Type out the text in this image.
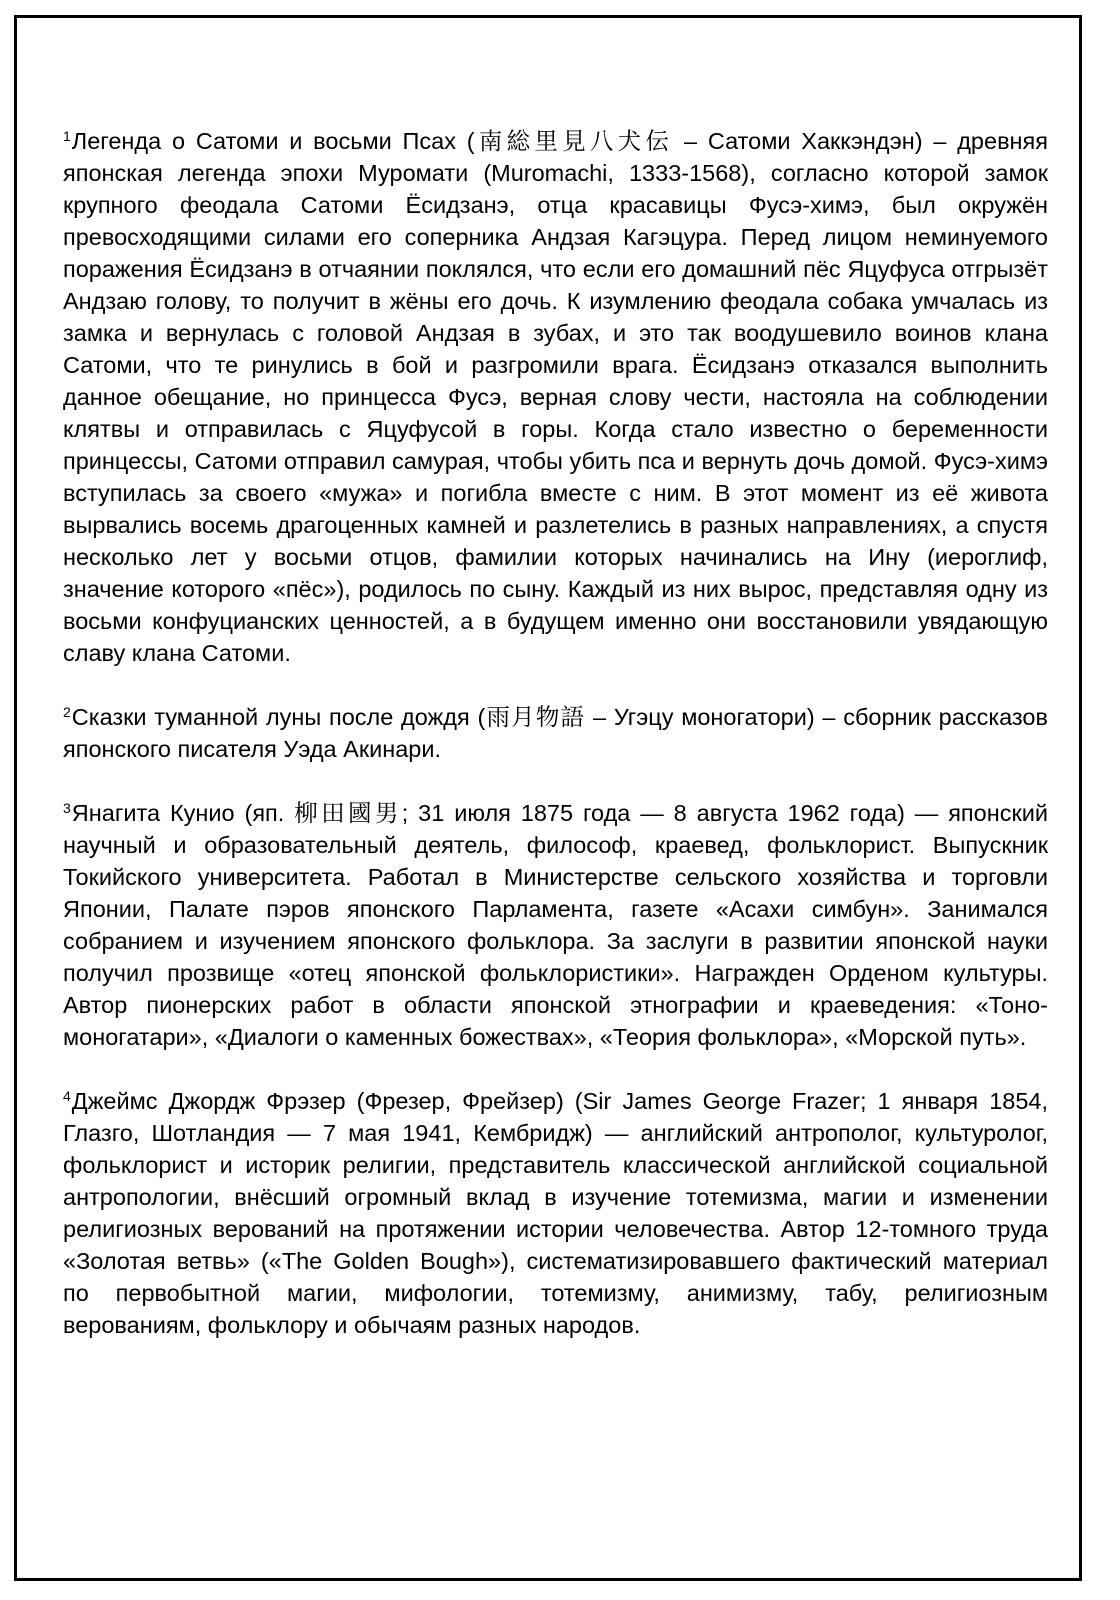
$^1$Легенда о Сатоми и восьми Псах (南総里見八犬伝 – Сатоми Хаккэндэн) – древняя японская легенда эпохи Муромати (Muromachi, 1333-1568), согласно которой замок крупного феодала Сатоми Ёсидзанэ, отца красавицы Фусэ-химэ, был окружён превосходящими силами его соперника Андзая Кагэцура. Перед лицом неминуемого поражения Ёсидзанэ в отчаянии поклялся, что если его домашний пёс Яцуфуса отгрызёт Андзаю голову, то получит в жёны его дочь. К изумлению феодала собака умчалась из замка и вернулась с головой Андзая в зубах, и это так воодушевило воинов клана Сатоми, что те ринулись в бой и разгромили врага. Ёсидзанэ отказался выполнить данное обещание, но принцесса Фусэ, верная слову чести, настояла на соблюдении клятвы и отправилась с Яцуфусой в горы. Когда стало известно о беременности принцессы, Сатоми отправил самурая, чтобы убить пса и вернуть дочь домой. Фусэ-химэ вступилась за своего «мужа» и погибла вместе с ним. В этот момент из её живота вырвались восемь драгоценных камней и разлетелись в разных направлениях, а спустя несколько лет у восьми отцов, фамилии которых начинались на Ину (иероглиф, значение которого «пёс»), родилось по сыну. Каждый из них вырос, представляя одну из восьми конфуцианских ценностей, а в будущем именно они восстановили увядающую славу клана Сатоми.

$^2$Сказки туманной луны после дождя (雨月物語 – Угэцу моногатори) – сборник рассказов японского писателя Уэда Акинари.

$^3$Янагита Кунио (яп. 柳田國男; 31 июля 1875 года — 8 августа 1962 года) — японский научный и образовательный деятель, философ, краевед, фольклорист. Выпускник Токийского университета. Работал в Министерстве сельского хозяйства и торговли Японии, Палате пэров японского Парламента, газете «Асахи симбун». Занимался собранием и изучением японского фольклора. За заслуги в развитии японской науки получил прозвище «отец японской фольклористики». Награжден Орденом культуры. Автор пионерских работ в области японской этнографии и краеведения: «Тоно-моногатари», «Диалоги о каменных божествах», «Теория фольклора», «Морской путь».

$^4$Джеймс Джордж Фрэзер (Фрезер, Фрейзер) (Sir James George Frazer; 1 января 1854, Глазго, Шотландия — 7 мая 1941, Кембридж) — английский антрополог, культуролог, фольклорист и историк религии, представитель классической английской социальной антропологии, внёсший огромный вклад в изучение тотемизма, магии и изменении религиозных верований на протяжении истории человечества. Автор 12-томного труда «Золотая ветвь» («The Golden Bough»), систематизировавшего фактический материал по первобытной магии, мифологии, тотемизму, анимизму, табу, религиозным верованиям, фольклору и обычаям разных народов.
